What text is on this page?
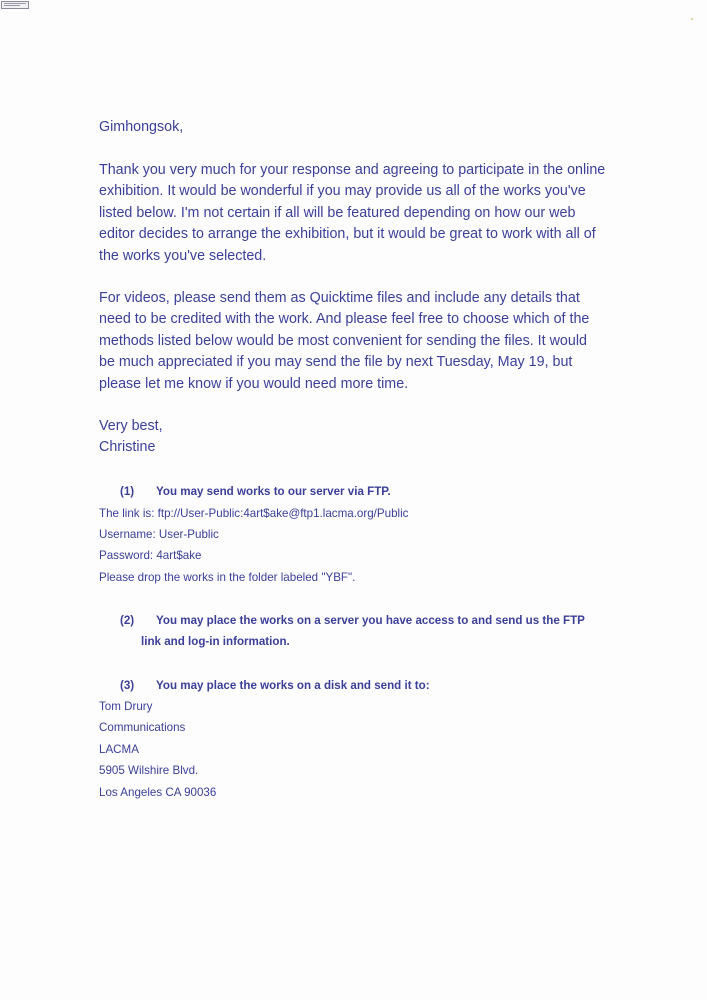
Gimhongsok,

Thank you very much for your response and agreeing to participate in the online
exhibition. It would be wonderful if you may provide us all of the works you've
listed below. I'm not certain if all will be featured depending on how our web
editor decides to arrange the exhibition, but it would be great to work with all of
the works you've selected.

For videos, please send them as Quicktime files and include any details that
need to be credited with the work. And please feel free to choose which of the
methods listed below would be most convenient for sending the files. It would
be much appreciated if you may send the file by next Tuesday, May 19, but
please let me know if you would need more time.

Very best,
Christine

(1) You may send works to our server via FTP.
The link is: ftp://User-Public:4art$ake@ftp1.lacma.org/Public
Username: User-Public
Password: 4art$ake
Please drop the works in the folder labeled "YBF".
(2) You may place the works on a server you have access to and send us the FTP
link and log-in information.
(3) You may place the works on a disk and send it to:
Tom Drury
Communications
LACMA
5905 Wilshire Blvd.
Los Angeles CA 90036
